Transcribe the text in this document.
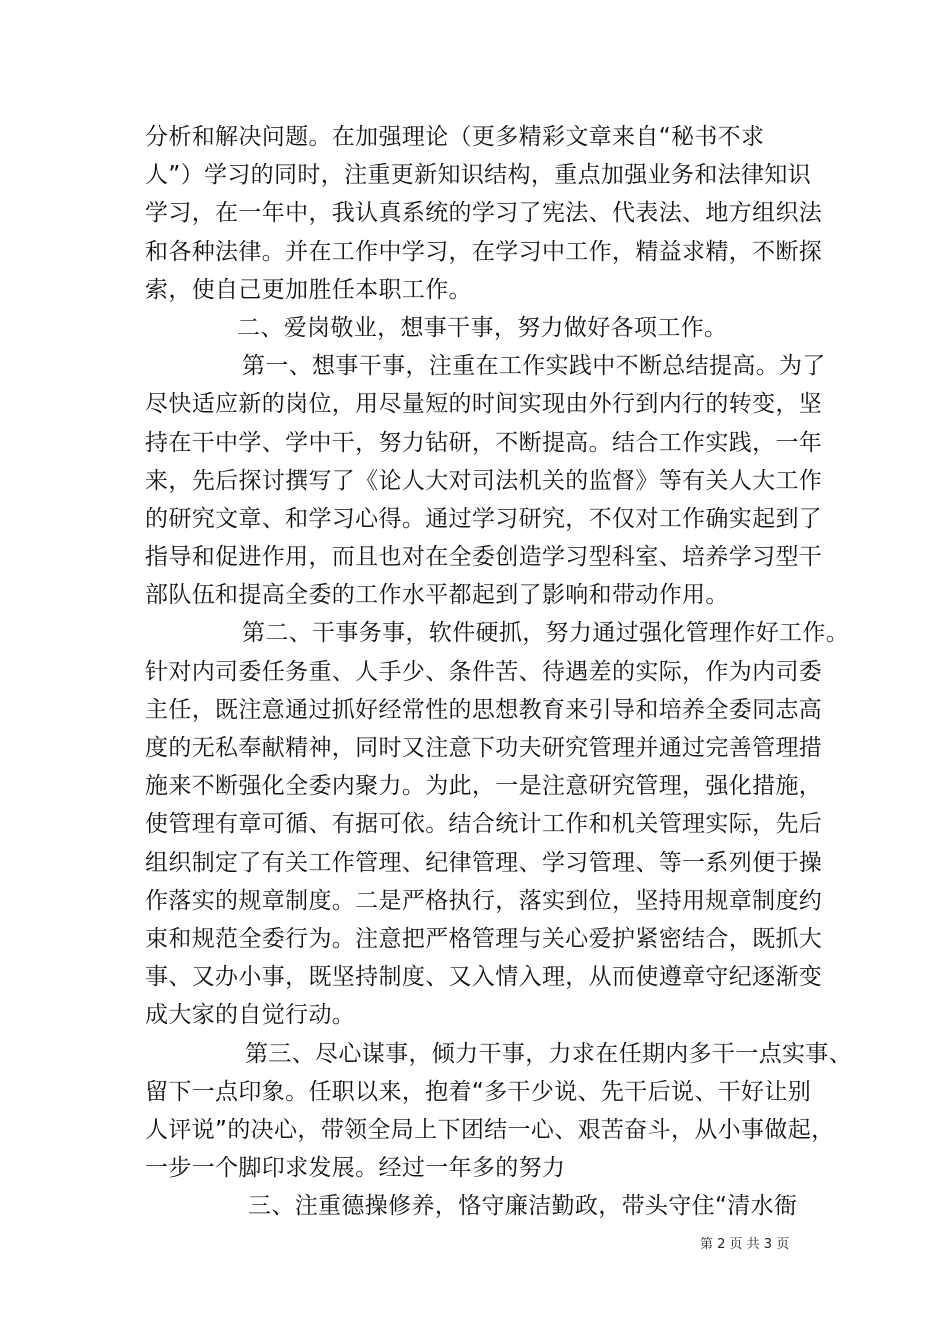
分析和解决问题。在加强理论（更多精彩文章来自“秘书不求
人”）学习的同时，注重更新知识结构，重点加强业务和法律知识
学习，在一年中，我认真系统的学习了宪法、代表法、地方组织法
和各种法律。并在工作中学习，在学习中工作，精益求精，不断探
索，使自己更加胜任本职工作。
二、爱岗敬业，想事干事，努力做好各项工作。
第一、想事干事，注重在工作实践中不断总结提高。为了
尽快适应新的岗位，用尽量短的时间实现由外行到内行的转变，坚
持在干中学、学中干，努力钻研，不断提高。结合工作实践，一年
来，先后探讨撰写了《论人大对司法机关的监督》等有关人大工作
的研究文章、和学习心得。通过学习研究，不仅对工作确实起到了
指导和促进作用，而且也对在全委创造学习型科室、培养学习型干
部队伍和提高全委的工作水平都起到了影响和带动作用。
第二、干事务事，软件硬抓，努力通过强化管理作好工作。
针对内司委任务重、人手少、条件苦、待遇差的实际，作为内司委
主任，既注意通过抓好经常性的思想教育来引导和培养全委同志高
度的无私奉献精神，同时又注意下功夫研究管理并通过完善管理措
施来不断强化全委内聚力。为此，一是注意研究管理，强化措施，
使管理有章可循、有据可依。结合统计工作和机关管理实际，先后
组织制定了有关工作管理、纪律管理、学习管理、等一系列便于操
作落实的规章制度。二是严格执行，落实到位，坚持用规章制度约
束和规范全委行为。注意把严格管理与关心爱护紧密结合，既抓大
事、又办小事，既坚持制度、又入情入理，从而使遵章守纪逐渐变
成大家的自觉行动。
第三、尽心谋事，倾力干事，力求在任期内多干一点实事、
留下一点印象。任职以来，抱着“多干少说、先干后说、干好让别
人评说”的决心，带领全局上下团结一心、艰苦奋斗，从小事做起，
一步一个脚印求发展。经过一年多的努力
三、注重德操修养，恪守廉洁勤政，带头守住“清水衙
第 2 页 共 3 页
